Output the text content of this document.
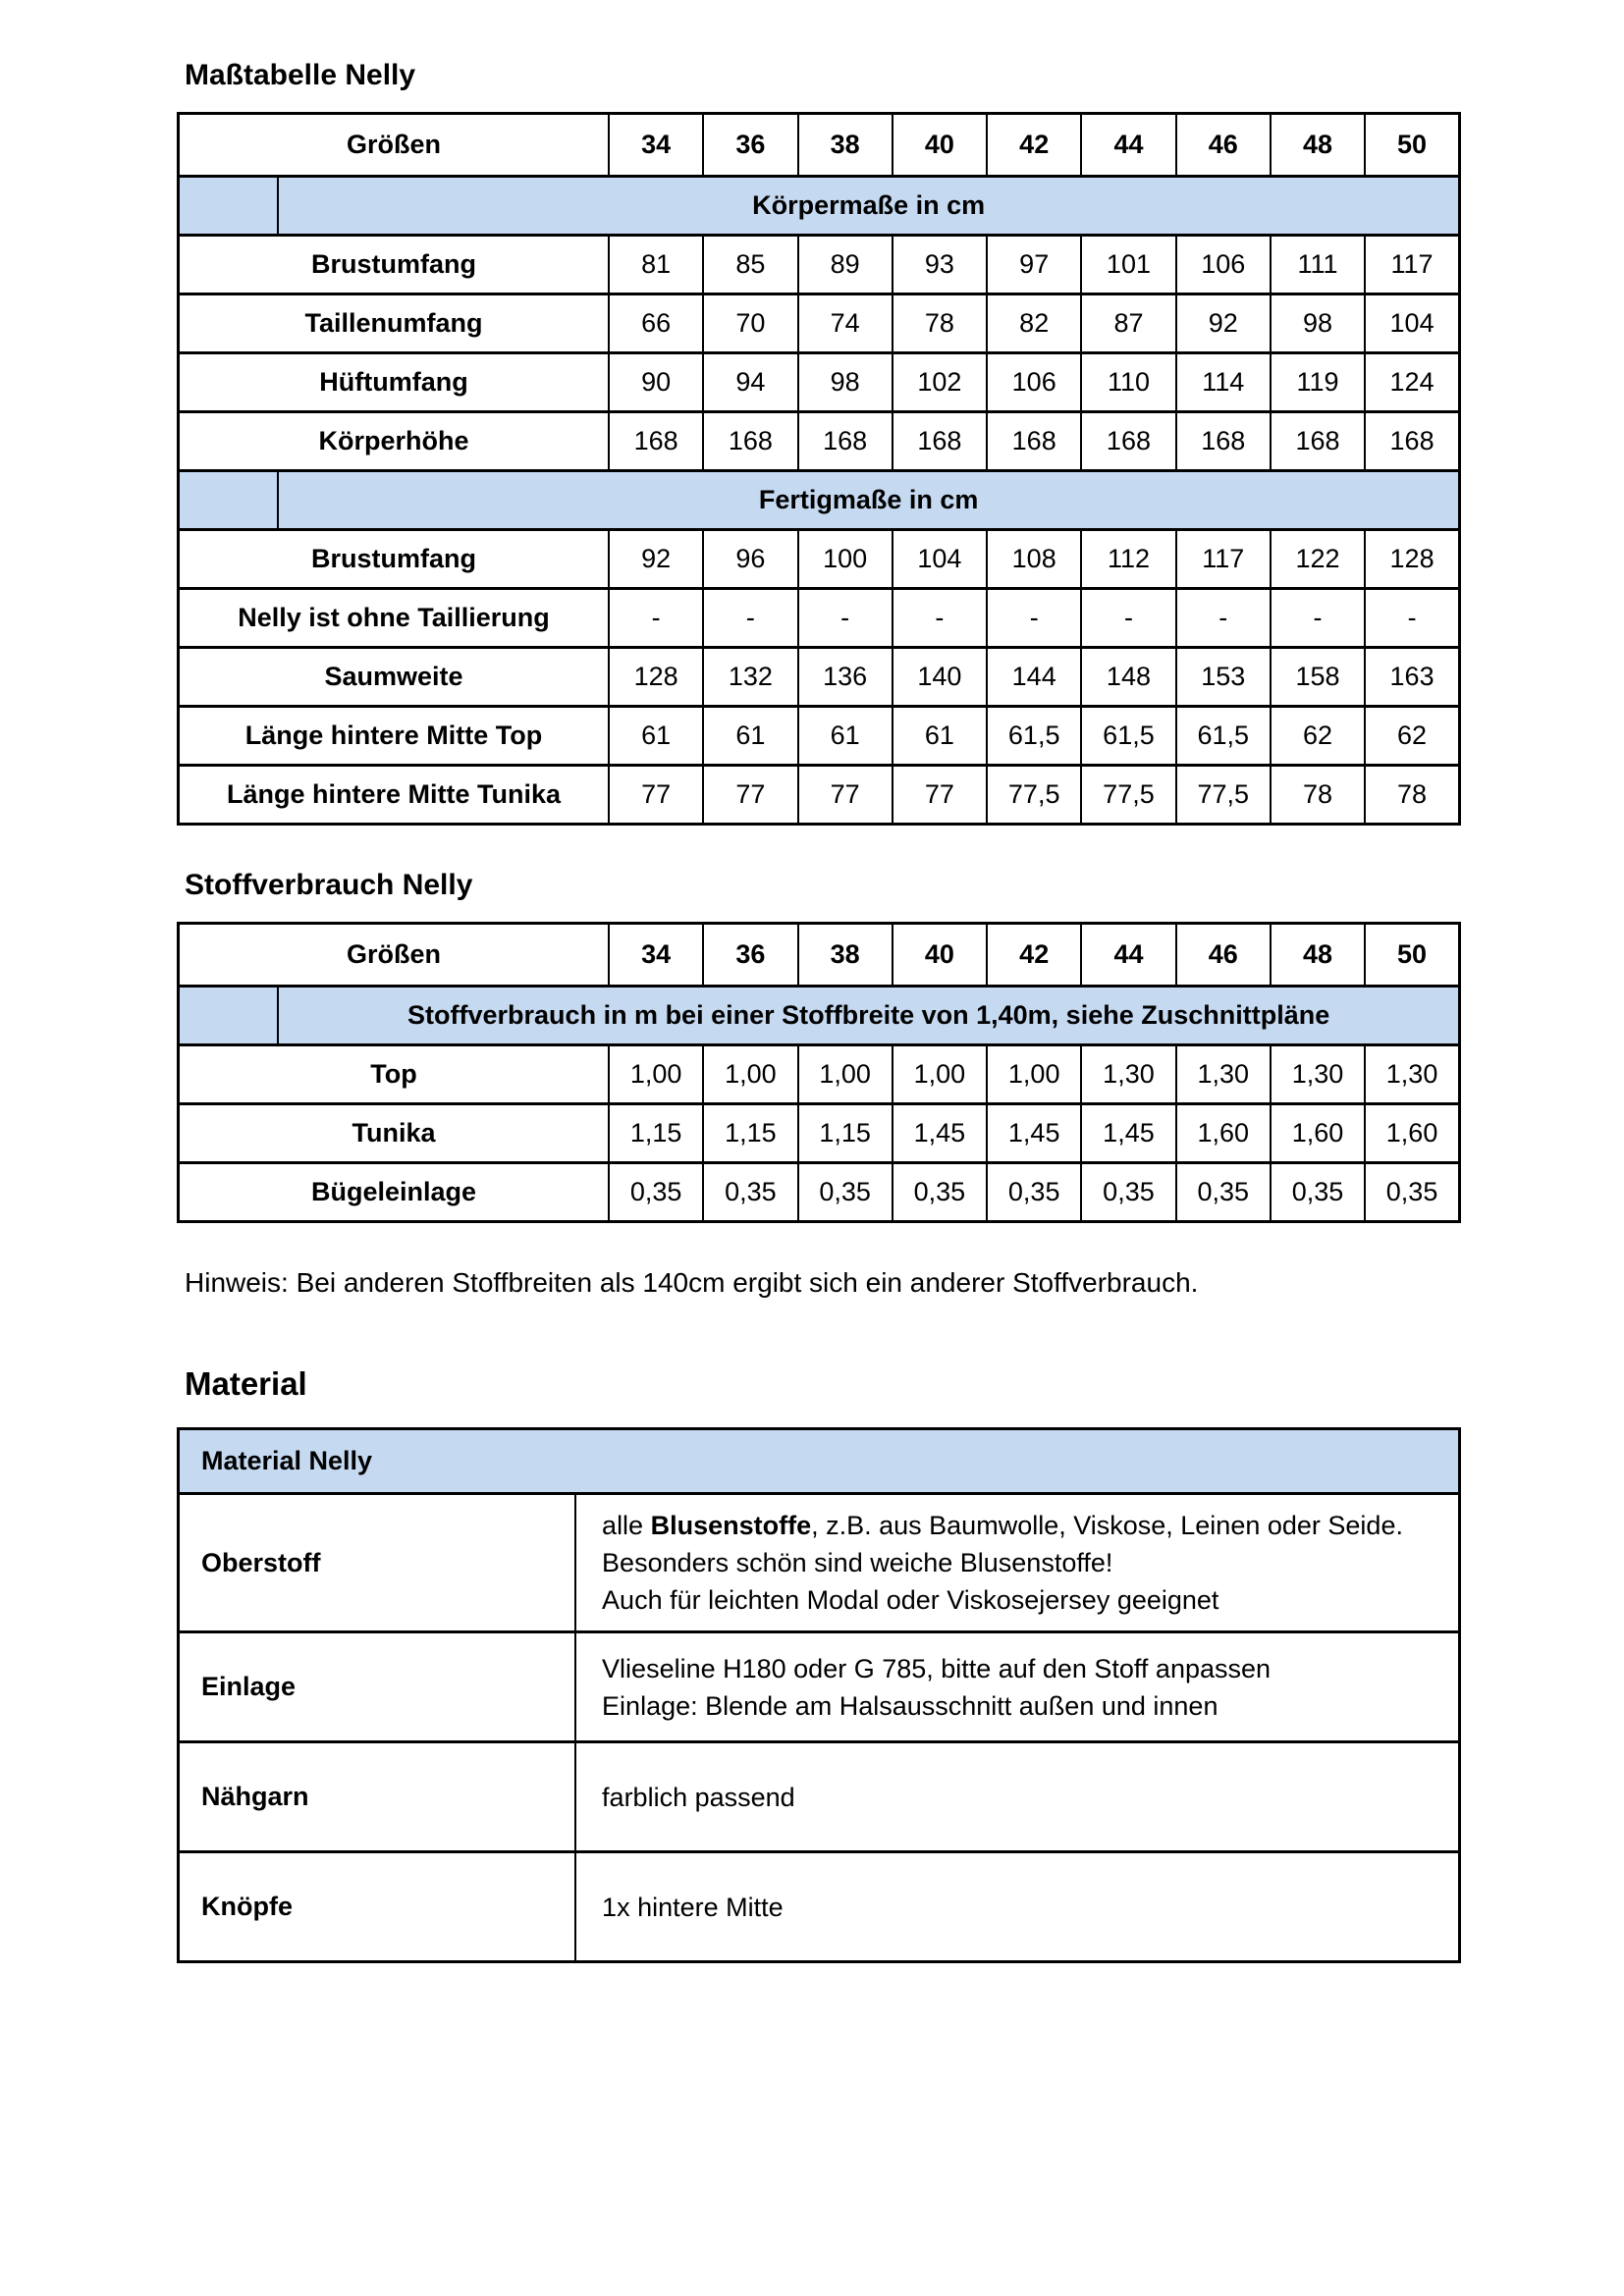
Maßtabelle Nelly
Größen		34	36	38	40	42	44	46	48	50
	Körpermaße in cm									
Brustumfang		81	85	89	93	97	101	106	111	117
Taillenumfang		66	70	74	78	82	87	92	98	104
Hüftumfang		90	94	98	102	106	110	114	119	124
Körperhöhe		168	168	168	168	168	168	168	168	168
	Fertigmaße in cm									
Brustumfang		92	96	100	104	108	112	117	122	128
Nelly ist ohne Taillierung		-	-	-	-	-	-	-	-	-
Saumweite		128	132	136	140	144	148	153	158	163
Länge hintere Mitte Top		61	61	61	61	61,5	61,5	61,5	62	62
Länge hintere Mitte Tunika		77	77	77	77	77,5	77,5	77,5	78	78
Stoffverbrauch Nelly
Größen		34	36	38	40	42	44	46	48	50
	Stoffverbrauch in m bei einer Stoffbreite von 1,40m, siehe Zuschnittpläne									
Top		1,00	1,00	1,00	1,00	1,00	1,30	1,30	1,30	1,30
Tunika		1,15	1,15	1,15	1,45	1,45	1,45	1,60	1,60	1,60
Bügeleinlage		0,35	0,35	0,35	0,35	0,35	0,35	0,35	0,35	0,35

Hinweis: Bei anderen Stoffbreiten als 140cm ergibt sich ein anderer Stoffverbrauch.

Material
Material Nelly	
Oberstoff	alle Blusenstoffe, z.B. aus Baumwolle, Viskose, Leinen oder Seide.
Besonders schön sind weiche Blusenstoffe!
Auch für leichten Modal oder Viskosejersey geeignet

Einlage	Vlieseline H180 oder G 785, bitte auf den Stoff anpassen
Einlage: Blende am Halsausschnitt außen und innen

Nähgarn	farblich passend

Knöpfe	1x hintere Mitte
